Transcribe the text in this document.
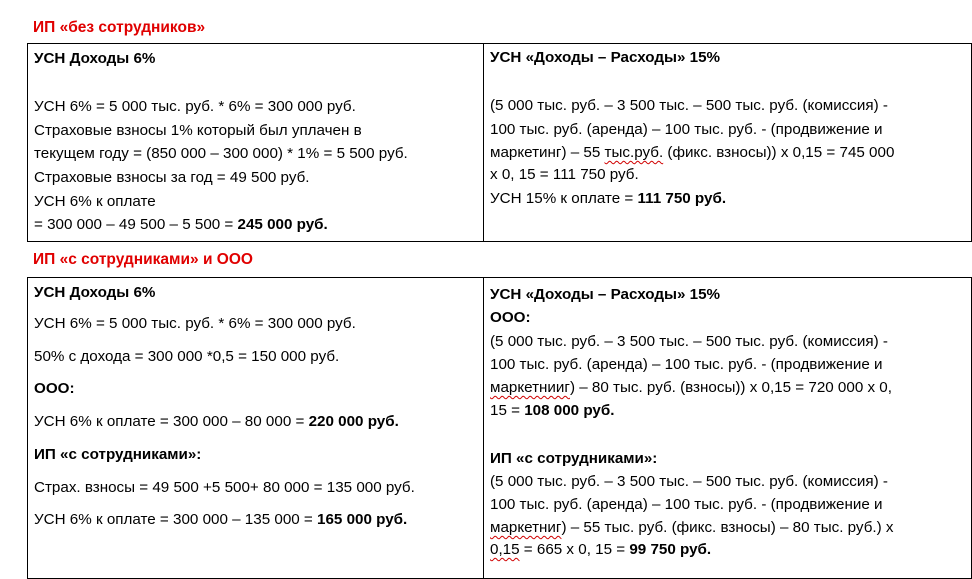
ИП «без сотрудников»
УСН Доходы 6%
УСН 6% = 5 000 тыс. руб. * 6% = 300 000 руб.
Страховые взносы 1% который был уплачен в
текущем году = (850 000 – 300 000) * 1% = 5 500 руб.
Страховые взносы за год = 49 500 руб.
УСН 6% к оплате
= 300 000 – 49 500 – 5 500 = 245 000 руб.

УСН «Доходы – Расходы» 15%
(5 000 тыс. руб. – 3 500 тыс. – 500 тыс. руб. (комиссия) -
100 тыс. руб. (аренда) – 100 тыс. руб. - (продвижение и
маркетинг) – 55 тыс.руб. (фикс. взносы)) х 0,15 = 745 000
х 0, 15 = 111 750 руб.
УСН 15% к оплате = 111 750 руб.
ИП «с сотрудниками» и ООО
УСН Доходы 6%
УСН 6% = 5 000 тыс. руб. * 6% = 300 000 руб.
50% с дохода = 300 000 *0,5 = 150 000 руб.
ООО:
УСН 6% к оплате = 300 000 – 80 000 = 220 000 руб.
ИП «с сотрудниками»:
Страх. взносы = 49 500 +5 500+ 80 000 = 135 000 руб.
УСН 6% к оплате = 300 000 – 135 000 = 165 000 руб.

УСН «Доходы – Расходы» 15%
ООО:
(5 000 тыс. руб. – 3 500 тыс. – 500 тыс. руб. (комиссия) -
100 тыс. руб. (аренда) – 100 тыс. руб. - (продвижение и
маркетнииг) – 80 тыс. руб. (взносы)) х 0,15 = 720 000 х 0,
15 = 108 000 руб.
ИП «с сотрудниками»:
(5 000 тыс. руб. – 3 500 тыс. – 500 тыс. руб. (комиссия) -
100 тыс. руб. (аренда) – 100 тыс. руб. - (продвижение и
маркетниг) – 55 тыс. руб. (фикс. взносы) – 80 тыс. руб.) х
0,15 = 665 х 0, 15 = 99 750 руб.
